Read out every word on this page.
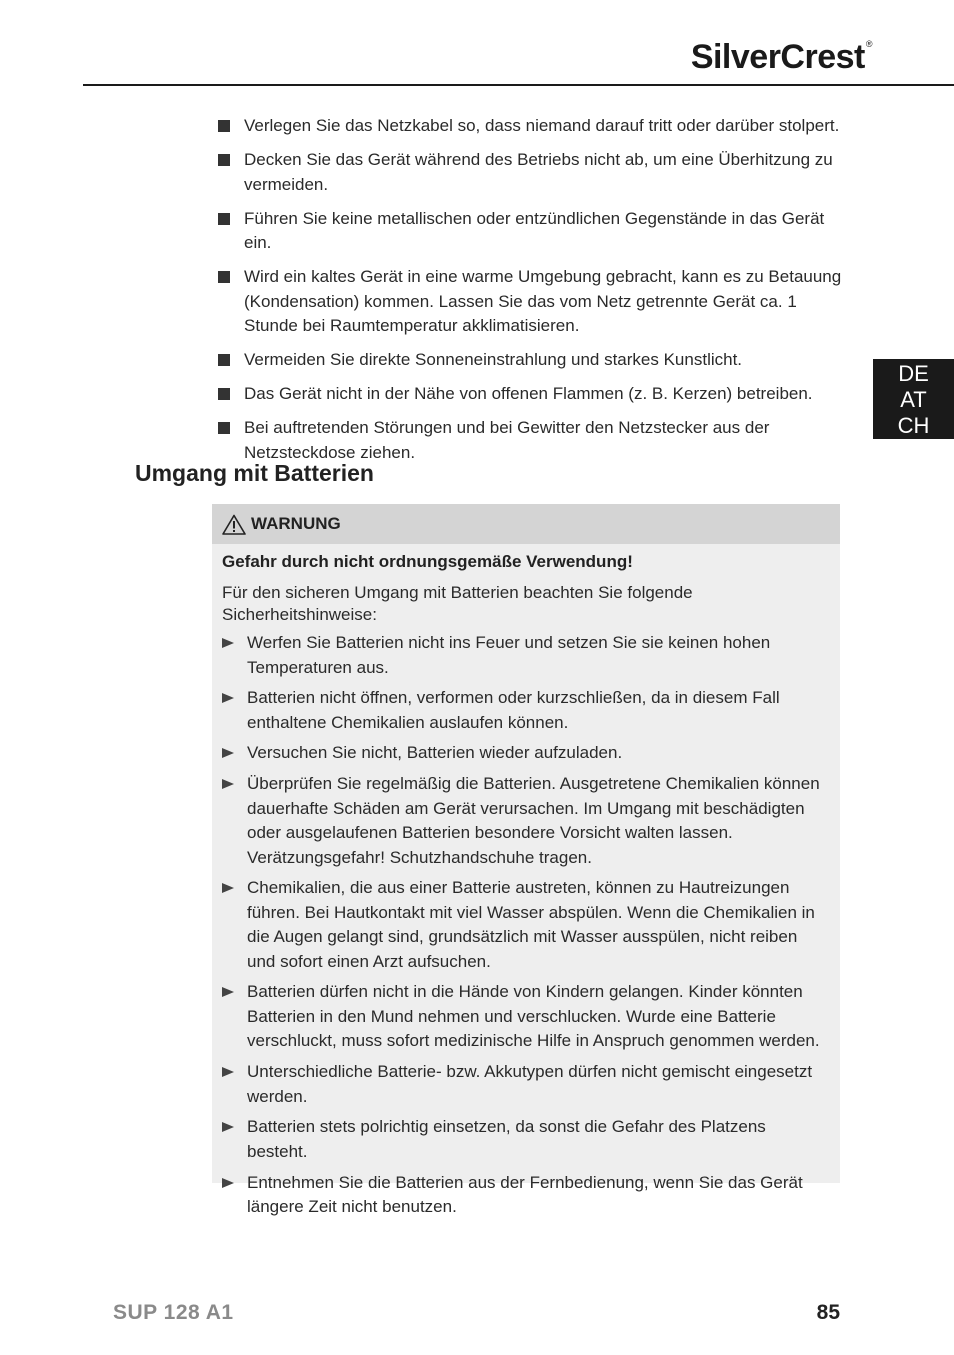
SilverCrest®
DE
AT
CH
Verlegen Sie das Netzkabel so, dass niemand darauf tritt oder darüber stolpert.
Decken Sie das Gerät während des Betriebs nicht ab, um eine Überhitzung zu vermeiden.
Führen Sie keine metallischen oder entzündlichen Gegenstände in das Gerät ein.
Wird ein kaltes Gerät in eine warme Umgebung gebracht, kann es zu Betauung (Kondensation) kommen. Lassen Sie das vom Netz getrennte Gerät ca. 1 Stunde bei Raumtemperatur akklimatisieren.
Vermeiden Sie direkte Sonneneinstrahlung und starkes Kunstlicht.
Das Gerät nicht in der Nähe von offenen Flammen (z. B. Kerzen) betreiben.
Bei auftretenden Störungen und bei Gewitter den Netzstecker aus der Netzsteckdose ziehen.
Umgang mit Batterien
WARNUNG
Gefahr durch nicht ordnungsgemäße Verwendung!
Für den sicheren Umgang mit Batterien beachten Sie folgende Sicherheitshinweise:
Werfen Sie Batterien nicht ins Feuer und setzen Sie sie keinen hohen Temperaturen aus.
Batterien nicht öffnen, verformen oder kurzschließen, da in diesem Fall enthaltene Chemikalien auslaufen können.
Versuchen Sie nicht, Batterien wieder aufzuladen.
Überprüfen Sie regelmäßig die Batterien. Ausgetretene Chemikalien können dauerhafte Schäden am Gerät verursachen. Im Umgang mit beschädigten oder ausgelaufenen Batterien besondere Vorsicht walten lassen. Verätzungsgefahr! Schutzhandschuhe tragen.
Chemikalien, die aus einer Batterie austreten, können zu Hautreizungen führen. Bei Hautkontakt mit viel Wasser abspülen. Wenn die Chemikalien in die Augen gelangt sind, grundsätzlich mit Wasser ausspülen, nicht reiben und sofort einen Arzt aufsuchen.
Batterien dürfen nicht in die Hände von Kindern gelangen. Kinder könnten Batterien in den Mund nehmen und verschlucken. Wurde eine Batterie verschluckt, muss sofort medizinische Hilfe in Anspruch genommen werden.
Unterschiedliche Batterie- bzw. Akkutypen dürfen nicht gemischt eingesetzt werden.
Batterien stets polrichtig einsetzen, da sonst die Gefahr des Platzens besteht.
Entnehmen Sie die Batterien aus der Fernbedienung, wenn Sie das Gerät längere Zeit nicht benutzen.
SUP 128 A1	85
